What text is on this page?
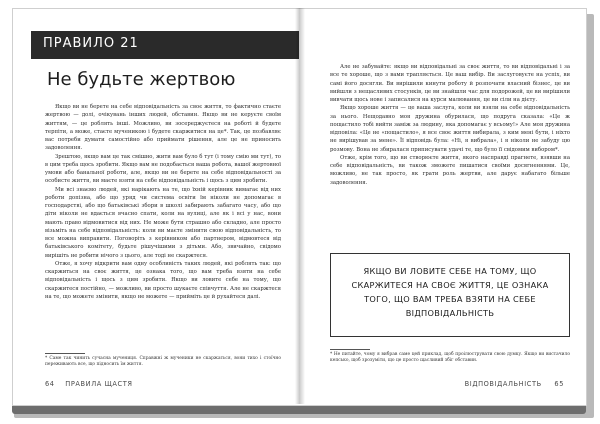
ПРАВИЛО 21
Не будьте жертвою

Якщо ви не берете на себе відповідальність за своє життя, то фактично стаєте жертвою — долі, очікувань інших людей, обставин. Якщо ви не керуєте своїм життям, — це роблять інші. Можливо, ви зосереджуєтеся на роботі й будете терпіти, а може, стаєте мученикою і будете скаржитися на це*. Так, це позбавляє вас потреби думати самостійно або приймати рішення, але це не приносить задоволення.

Зрештою, якщо вам це так смішно, жити вам було б тут (і тому смію ми тут), то в цим треба щось зробити. Якщо вам не подобається ваша робота, вашої жертовної умови або банальної роботи, але, якщо ви не берете на себе відповідальності за особисте життя, ви маєте взяти на себе відповідальність і щось з цим зробити.

Ми всі знаємо людей, які нарікають на те, що їхній керівник вимагає від них роботи допізна, або що уряд чи система освіти їм ніколи не допомагає в господарстві, або що батьківські збори в школі забирають забагато часу, або що діти ніколи не вдається вчасно спати, коли на вулиці, але як і всі у нас, вони мають право відмовитися від них. Не може бути страшно або складно, але просто візьміть на себе відповідальність: коли ви маєте змінити свою відповідальність, то все можна виправити. Поговоріть з керівником або партнером, відмовтеся від батьківського комітету, будьте рішучішими з дітьми. Або, звичайно, свідомо вирішіть не робити нічого з цього, але тоді не скаржтеся.

Отже, я хочу відкрити вам одну особливість таких людей, які роблять так: що скаржиться на своє життя, це ознака того, що вам треба взяти на себе відповідальність і щось з цим зробити. Якщо ви ловите себе на тому, що скаржитеся постійно, — можливо, ви просто шукаєте співчуття. Але не скаржтеся на те, що можете змінити, якщо не можете — прийміть це й рухайтеся далі.

* Саме так чинить сучасна мучениця. Справжні ж мученики не скаржаться, вони тихо і стоїчно переживають все, що підносить їм життя.
64 ПРАВИЛА ЩАСТЯ

Але не забувайте: якщо ви відповідальні за своє життя, то ви відповідальні і за все те хороше, що з вами трапляється. Це ваш вибір. Ви заслуговуєте на успіх, ви самі його досягли. Ви вирішили кинути роботу й розпочати власний бізнес, це ви вийшли з нещасливих стосунків, це ви знайшли час для подорожей, це ви вирішили вивчати щось нове і записалися на курси малювання, це ви сіли на дієту.

Якщо хороше життя — це ваша заслуга, коли ви взяли на себе відповідальність за нього. Нещодавно моя дружина обурилася, що подруга сказала: «Це ж пощастило тобі вийти заміж за людину, яка допомагає у всьому!» Але моя дружина відповіла: «Це не «пощастило», я все своє життя вибирала, з ким мені бути, і ніхто не вирішував за мене». Її відповідь була: «Ні, я вибрала», і я ніколи не забуду цю розмову. Вона не збиралася приписувати удачі те, що було її свідомим вибором*.

Отже, крім того, що ви створюєте життя, якого насправді прагнете, взявши на себе відповідальність, ви також зможете пишатися своїми досягненнями. Це, можливо, не так просто, як грати роль жертви, але дарує набагато більше задоволення.

ЯКЩО ВИ ЛОВИТЕ СЕБЕ НА ТОМУ, ЩО СКАРЖИТЕСЯ НА СВОЄ ЖИТТЯ, ЦЕ ОЗНАКА ТОГО, ЩО ВАМ ТРЕБА ВЗЯТИ НА СЕБЕ ВІДПОВІДАЛЬНІСТЬ
* Не питайте, чому я вибрав саме цей приклад, щоб проілюструвати свою думку. Якщо ви вистачило кепсько, щоб зрозуміти, що це просто щасливий збіг обставин.
ВІДПОВІДАЛЬНІСТЬ 65
